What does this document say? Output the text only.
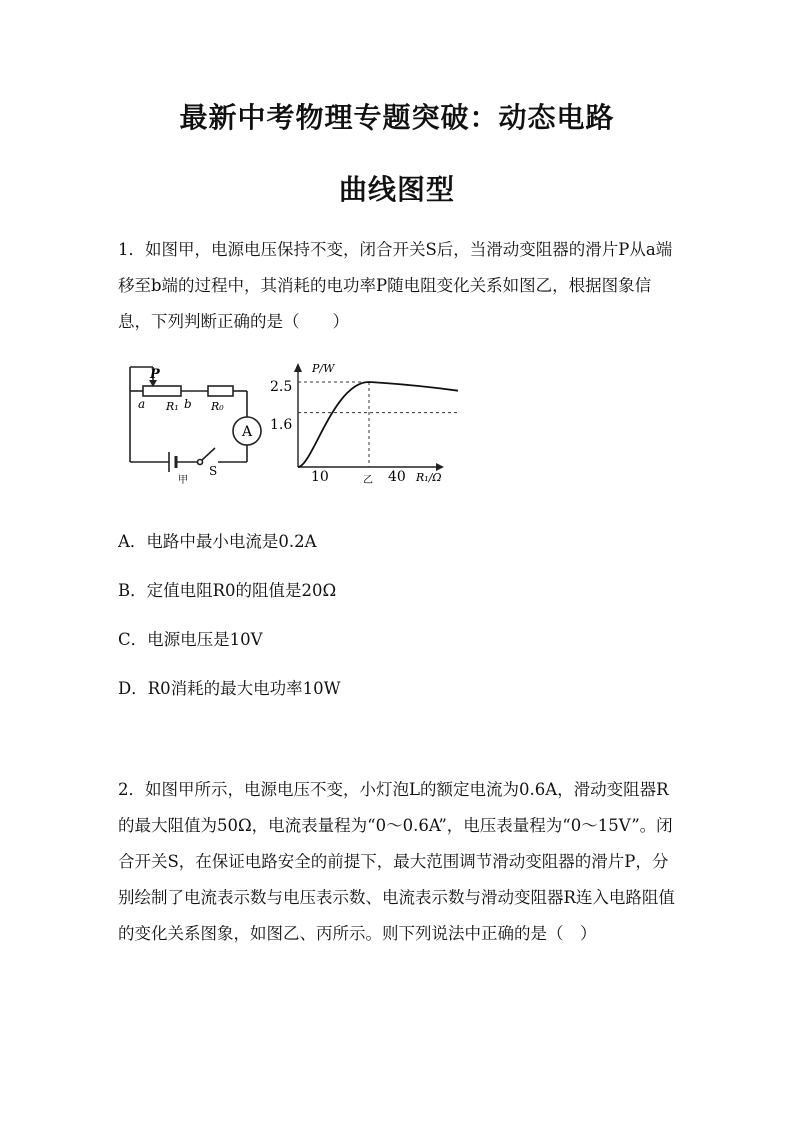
最新中考物理专题突破：动态电路
曲线图型
1．如图甲，电源电压保持不变，闭合开关S后，当滑动变阻器的滑片P从a端移至b端的过程中，其消耗的电功率P随电阻变化关系如图乙，根据图象信息，下列判断正确的是（　　）
P
a R₁ b R₀
A
S
甲
P/W
2.5
1.6
10	40
乙	R₁/Ω
A．电路中最小电流是0.2A
B．定值电阻R0的阻值是20Ω
C．电源电压是10V
D．R0消耗的最大电功率10W
2．如图甲所示，电源电压不变，小灯泡L的额定电流为0.6A，滑动变阻器R的最大阻值为50Ω，电流表量程为“0～0.6A”，电压表量程为“0～15V”。闭合开关S，在保证电路安全的前提下，最大范围调节滑动变阻器的滑片P，分别绘制了电流表示数与电压表示数、电流表示数与滑动变阻器R连入电路阻值的变化关系图象，如图乙、丙所示。则下列说法中正确的是（　）
